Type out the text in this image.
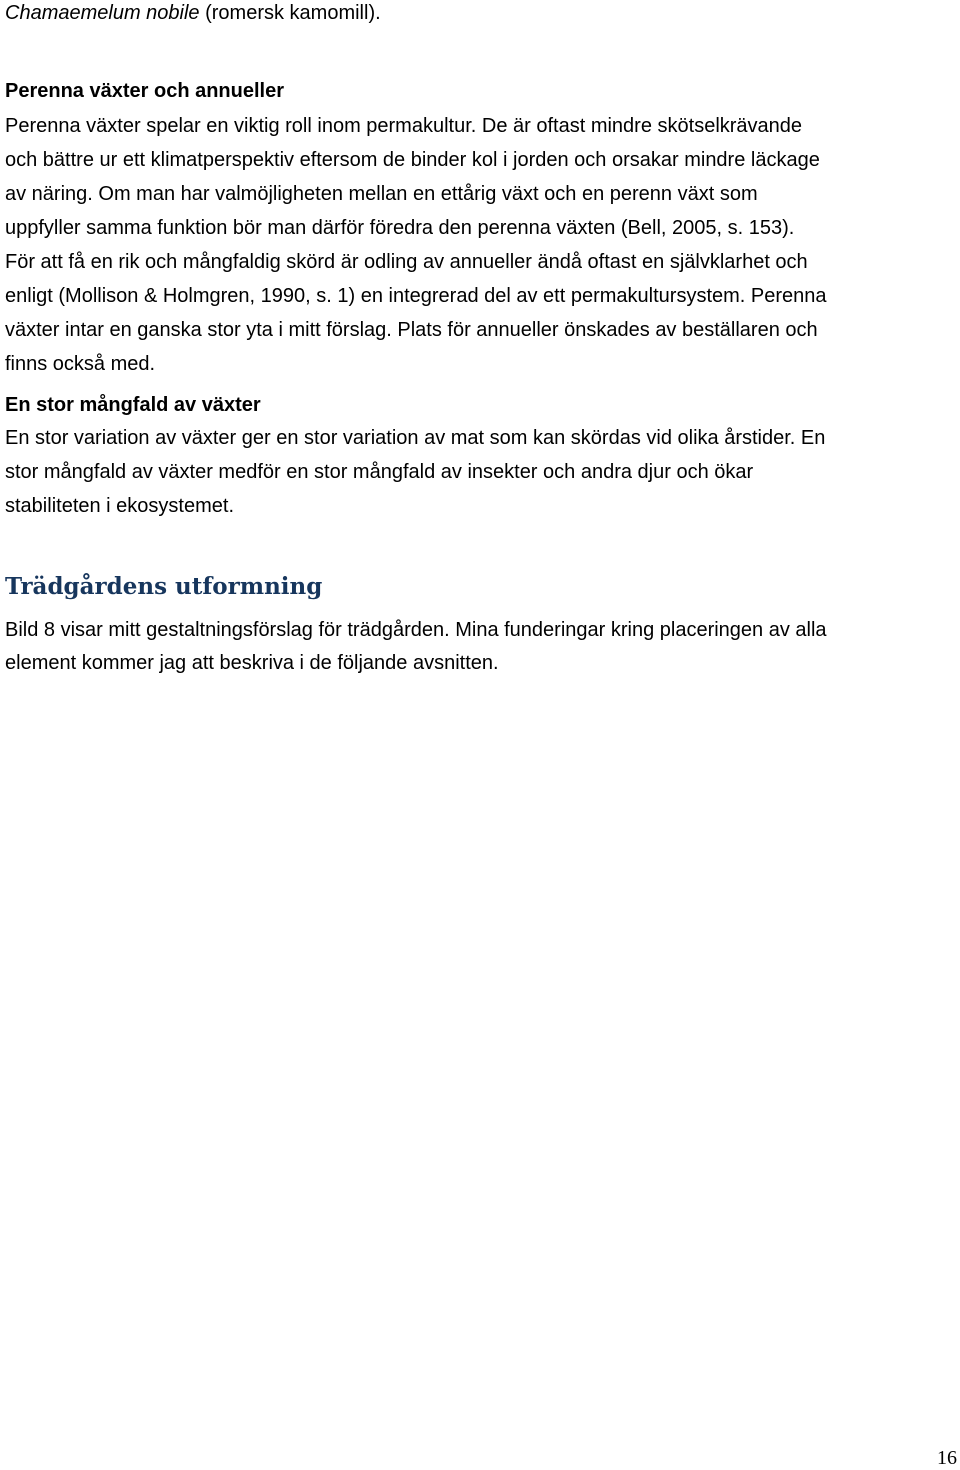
Chamaemelum nobile (romersk kamomill).
Perenna växter och annueller
Perenna växter spelar en viktig roll inom permakultur. De är oftast mindre skötselkrävande
och bättre ur ett klimatperspektiv eftersom de binder kol i jorden och orsakar mindre läckage
av näring. Om man har valmöjligheten mellan en ettårig växt och en perenn växt som
uppfyller samma funktion bör man därför föredra den perenna växten (Bell, 2005, s. 153).
För att få en rik och mångfaldig skörd är odling av annueller ändå oftast en självklarhet och
enligt (Mollison & Holmgren, 1990, s. 1) en integrerad del av ett permakultursystem. Perenna
växter intar en ganska stor yta i mitt förslag. Plats för annueller önskades av beställaren och
finns också med.
En stor mångfald av växter
En stor variation av växter ger en stor variation av mat som kan skördas vid olika årstider. En
stor mångfald av växter medför en stor mångfald av insekter och andra djur och ökar
stabiliteten i ekosystemet.
Trädgårdens utformning
Bild 8 visar mitt gestaltningsförslag för trädgården. Mina funderingar kring placeringen av alla
element kommer jag att beskriva i de följande avsnitten.
16
